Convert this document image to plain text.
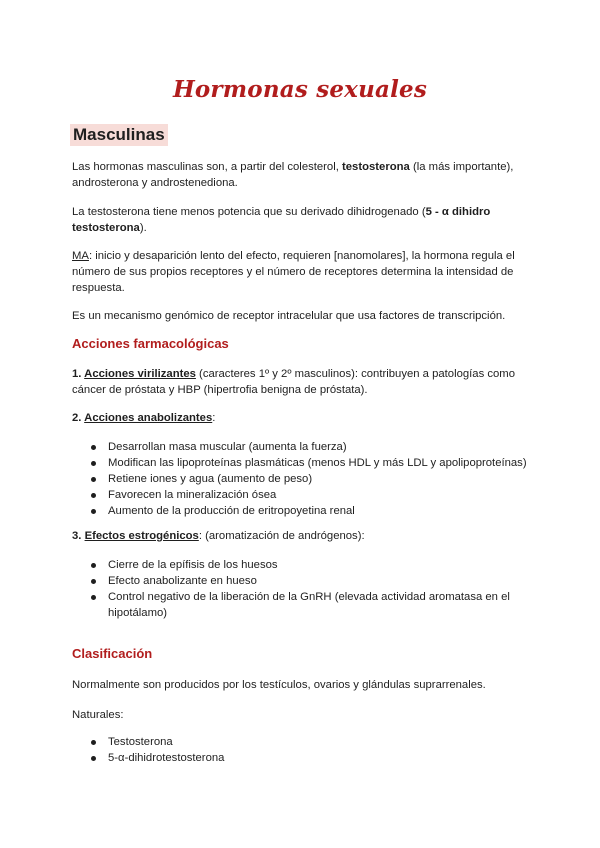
Hormonas sexuales
Masculinas

Las hormonas masculinas son, a partir del colesterol, testosterona (la más importante),
androsterona y androstenediona.

La testosterona tiene menos potencia que su derivado dihidrogenado (5 - α dihidro
testosterona).

MA: inicio y desaparición lento del efecto, requieren [nanomolares], la hormona regula el
número de sus propios receptores y el número de receptores determina la intensidad de
respuesta.

Es un mecanismo genómico de receptor intracelular que usa factores de transcripción.

Acciones farmacológicas

1. Acciones virilizantes (caracteres 1º y 2º masculinos): contribuyen a patologías como
cáncer de próstata y HBP (hipertrofia benigna de próstata).

2. Acciones anabolizantes:

Desarrollan masa muscular (aumenta la fuerza)
Modifican las lipoproteínas plasmáticas (menos HDL y más LDL y apolipoproteínas)
Retiene iones y agua (aumento de peso)
Favorecen la mineralización ósea
Aumento de la producción de eritropoyetina renal

3. Efectos estrogénicos: (aromatización de andrógenos):

Cierre de la epífisis de los huesos
Efecto anabolizante en hueso
Control negativo de la liberación de la GnRH (elevada actividad aromatasa en el hipotálamo)
Clasificación

Normalmente son producidos por los testículos, ovarios y glándulas suprarrenales.

Naturales:

Testosterona
5-α-dihidrotestosterona
